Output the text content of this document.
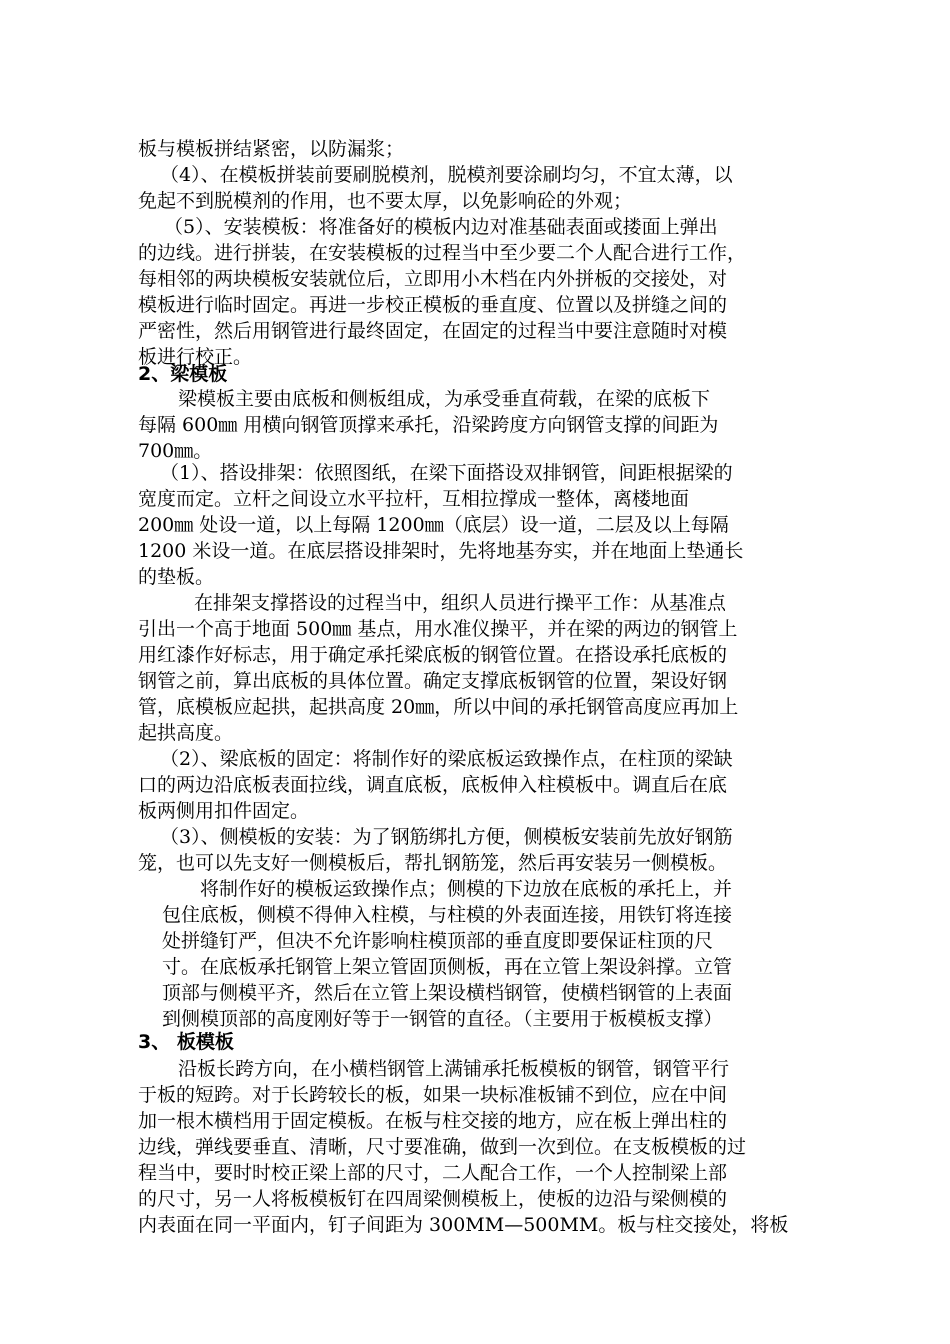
板与模板拼结紧密，以防漏浆；

（4）、在模板拼装前要刷脱模剂，脱模剂要涂刷均匀，不宜太薄，以

免起不到脱模剂的作用，也不要太厚，以免影响砼的外观；

（5）、安装模板：将准备好的模板内边对准基础表面或搂面上弹出

的边线。进行拼装，在安装模板的过程当中至少要二个人配合进行工作，

每相邻的两块模板安装就位后，立即用小木档在内外拼板的交接处，对

模板进行临时固定。再进一步校正模板的垂直度、位置以及拼缝之间的

严密性，然后用钢管进行最终固定，在固定的过程当中要注意随时对模

板进行校正。

2、梁模板

梁模板主要由底板和侧板组成，为承受垂直荷载，在梁的底板下

每隔 600㎜ 用横向钢管顶撑来承托，沿梁跨度方向钢管支撑的间距为

700㎜。

（1）、搭设排架：依照图纸，在梁下面搭设双排钢管，间距根据梁的

宽度而定。立杆之间设立水平拉杆，互相拉撑成一整体，离楼地面

200㎜ 处设一道，以上每隔 1200㎜（底层）设一道，二层及以上每隔

1200 米设一道。在底层搭设排架时，先将地基夯实，并在地面上垫通长

的垫板。

在排架支撑搭设的过程当中，组织人员进行操平工作：从基准点

引出一个高于地面 500㎜ 基点，用水准仪操平，并在梁的两边的钢管上

用红漆作好标志，用于确定承托梁底板的钢管位置。在搭设承托底板的

钢管之前，算出底板的具体位置。确定支撑底板钢管的位置，架设好钢

管，底模板应起拱，起拱高度 20㎜，所以中间的承托钢管高度应再加上

起拱高度。

（2）、梁底板的固定：将制作好的梁底板运致操作点，在柱顶的梁缺

口的两边沿底板表面拉线，调直底板，底板伸入柱模板中。调直后在底

板两侧用扣件固定。

（3）、侧模板的安装：为了钢筋绑扎方便，侧模板安装前先放好钢筋

笼，也可以先支好一侧模板后，帮扎钢筋笼，然后再安装另一侧模板。

将制作好的模板运致操作点；侧模的下边放在底板的承托上，并

包住底板，侧模不得伸入柱模，与柱模的外表面连接，用铁钉将连接

处拼缝钉严，但决不允许影响柱模顶部的垂直度即要保证柱顶的尺

寸。在底板承托钢管上架立管固顶侧板，再在立管上架设斜撑。立管

顶部与侧模平齐，然后在立管上架设横档钢管，使横档钢管的上表面

到侧模顶部的高度刚好等于一钢管的直径。（主要用于板模板支撑）

3、 板模板

沿板长跨方向，在小横档钢管上满铺承托板模板的钢管，钢管平行

于板的短跨。对于长跨较长的板，如果一块标准板铺不到位，应在中间

加一根木横档用于固定模板。在板与柱交接的地方，应在板上弹出柱的

边线，弹线要垂直、清晰，尺寸要准确，做到一次到位。在支板模板的过

程当中，要时时校正梁上部的尺寸，二人配合工作，一个人控制梁上部

的尺寸，另一人将板模板钉在四周梁侧模板上，使板的边沿与梁侧模的

内表面在同一平面内，钉子间距为 300MM—500MM。板与柱交接处，将板
